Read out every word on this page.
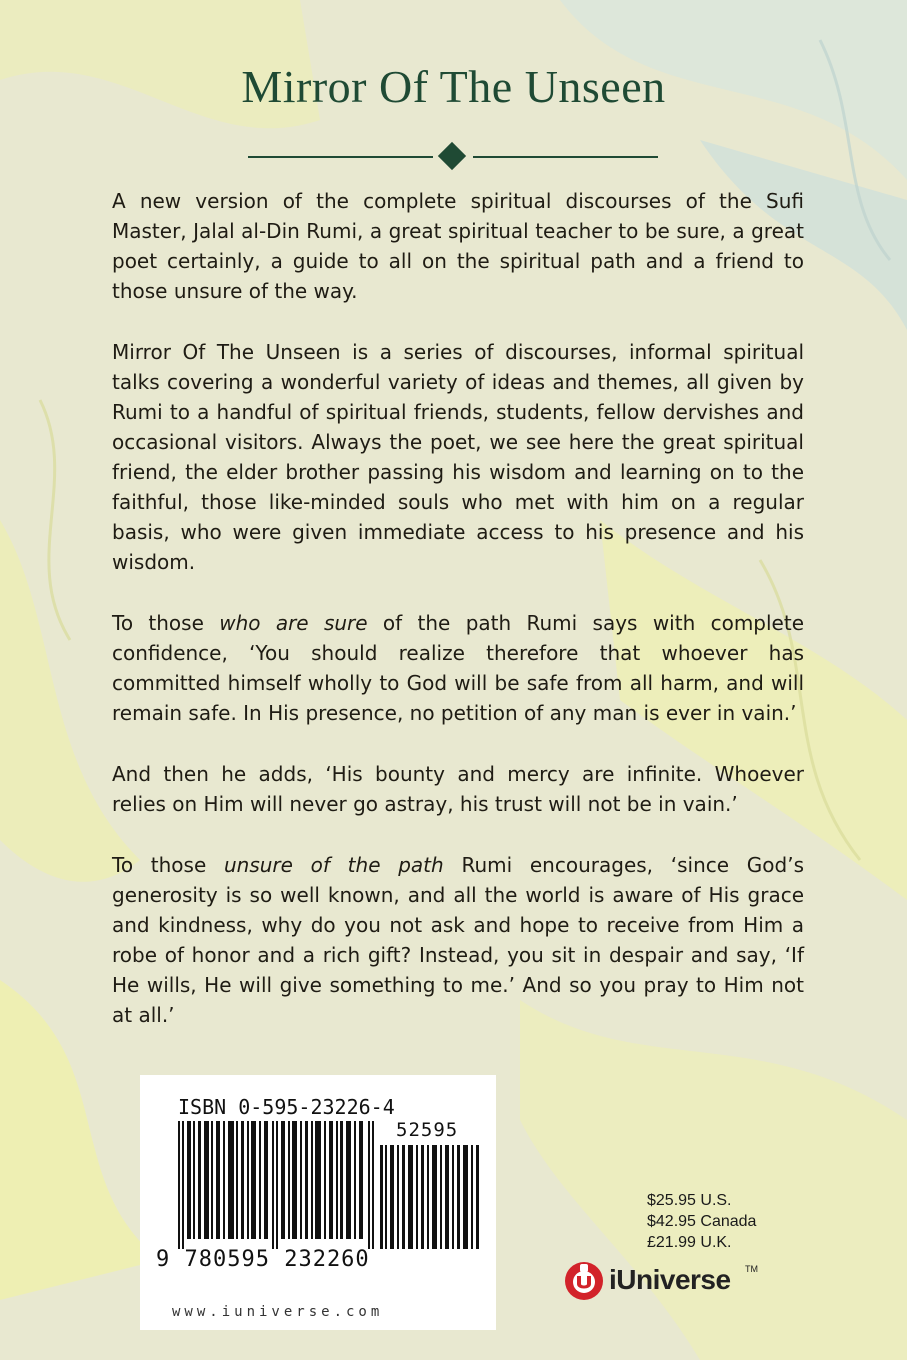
Mirror Of The Unseen

A new version of the complete spiritual discourses of the Sufi Master, Jalal al-Din Rumi, a great spiritual teacher to be sure, a great poet certainly, a guide to all on the spiritual path and a friend to those unsure of the way.

Mirror Of The Unseen is a series of discourses, informal spiritual talks covering a wonderful variety of ideas and themes, all given by Rumi to a handful of spiritual friends, students, fellow dervishes and occasional visitors. Always the poet, we see here the great spiritual friend, the elder brother passing his wisdom and learning on to the faithful, those like-minded souls who met with him on a regular basis, who were given immediate access to his presence and his wisdom.

To those who are sure of the path Rumi says with complete confidence, ‘You should realize therefore that whoever has committed himself wholly to God will be safe from all harm, and will remain safe. In His presence, no petition of any man is ever in vain.’

And then he adds, ‘His bounty and mercy are infinite. Whoever relies on Him will never go astray, his trust will not be in vain.’

To those unsure of the path Rumi encourages, ‘since God’s generosity is so well known, and all the world is aware of His grace and kindness, why do you not ask and hope to receive from Him a robe of honor and a rich gift? Instead, you sit in despair and say, ‘If He wills, He will give something to me.’ And so you pray to Him not at all.’

ISBN 0-595-23226-4
52595
9 780595 232260
www.iuniverse.com
$25.95 U.S.
$42.95 Canada
£21.99 U.K.
iUniverse TM
